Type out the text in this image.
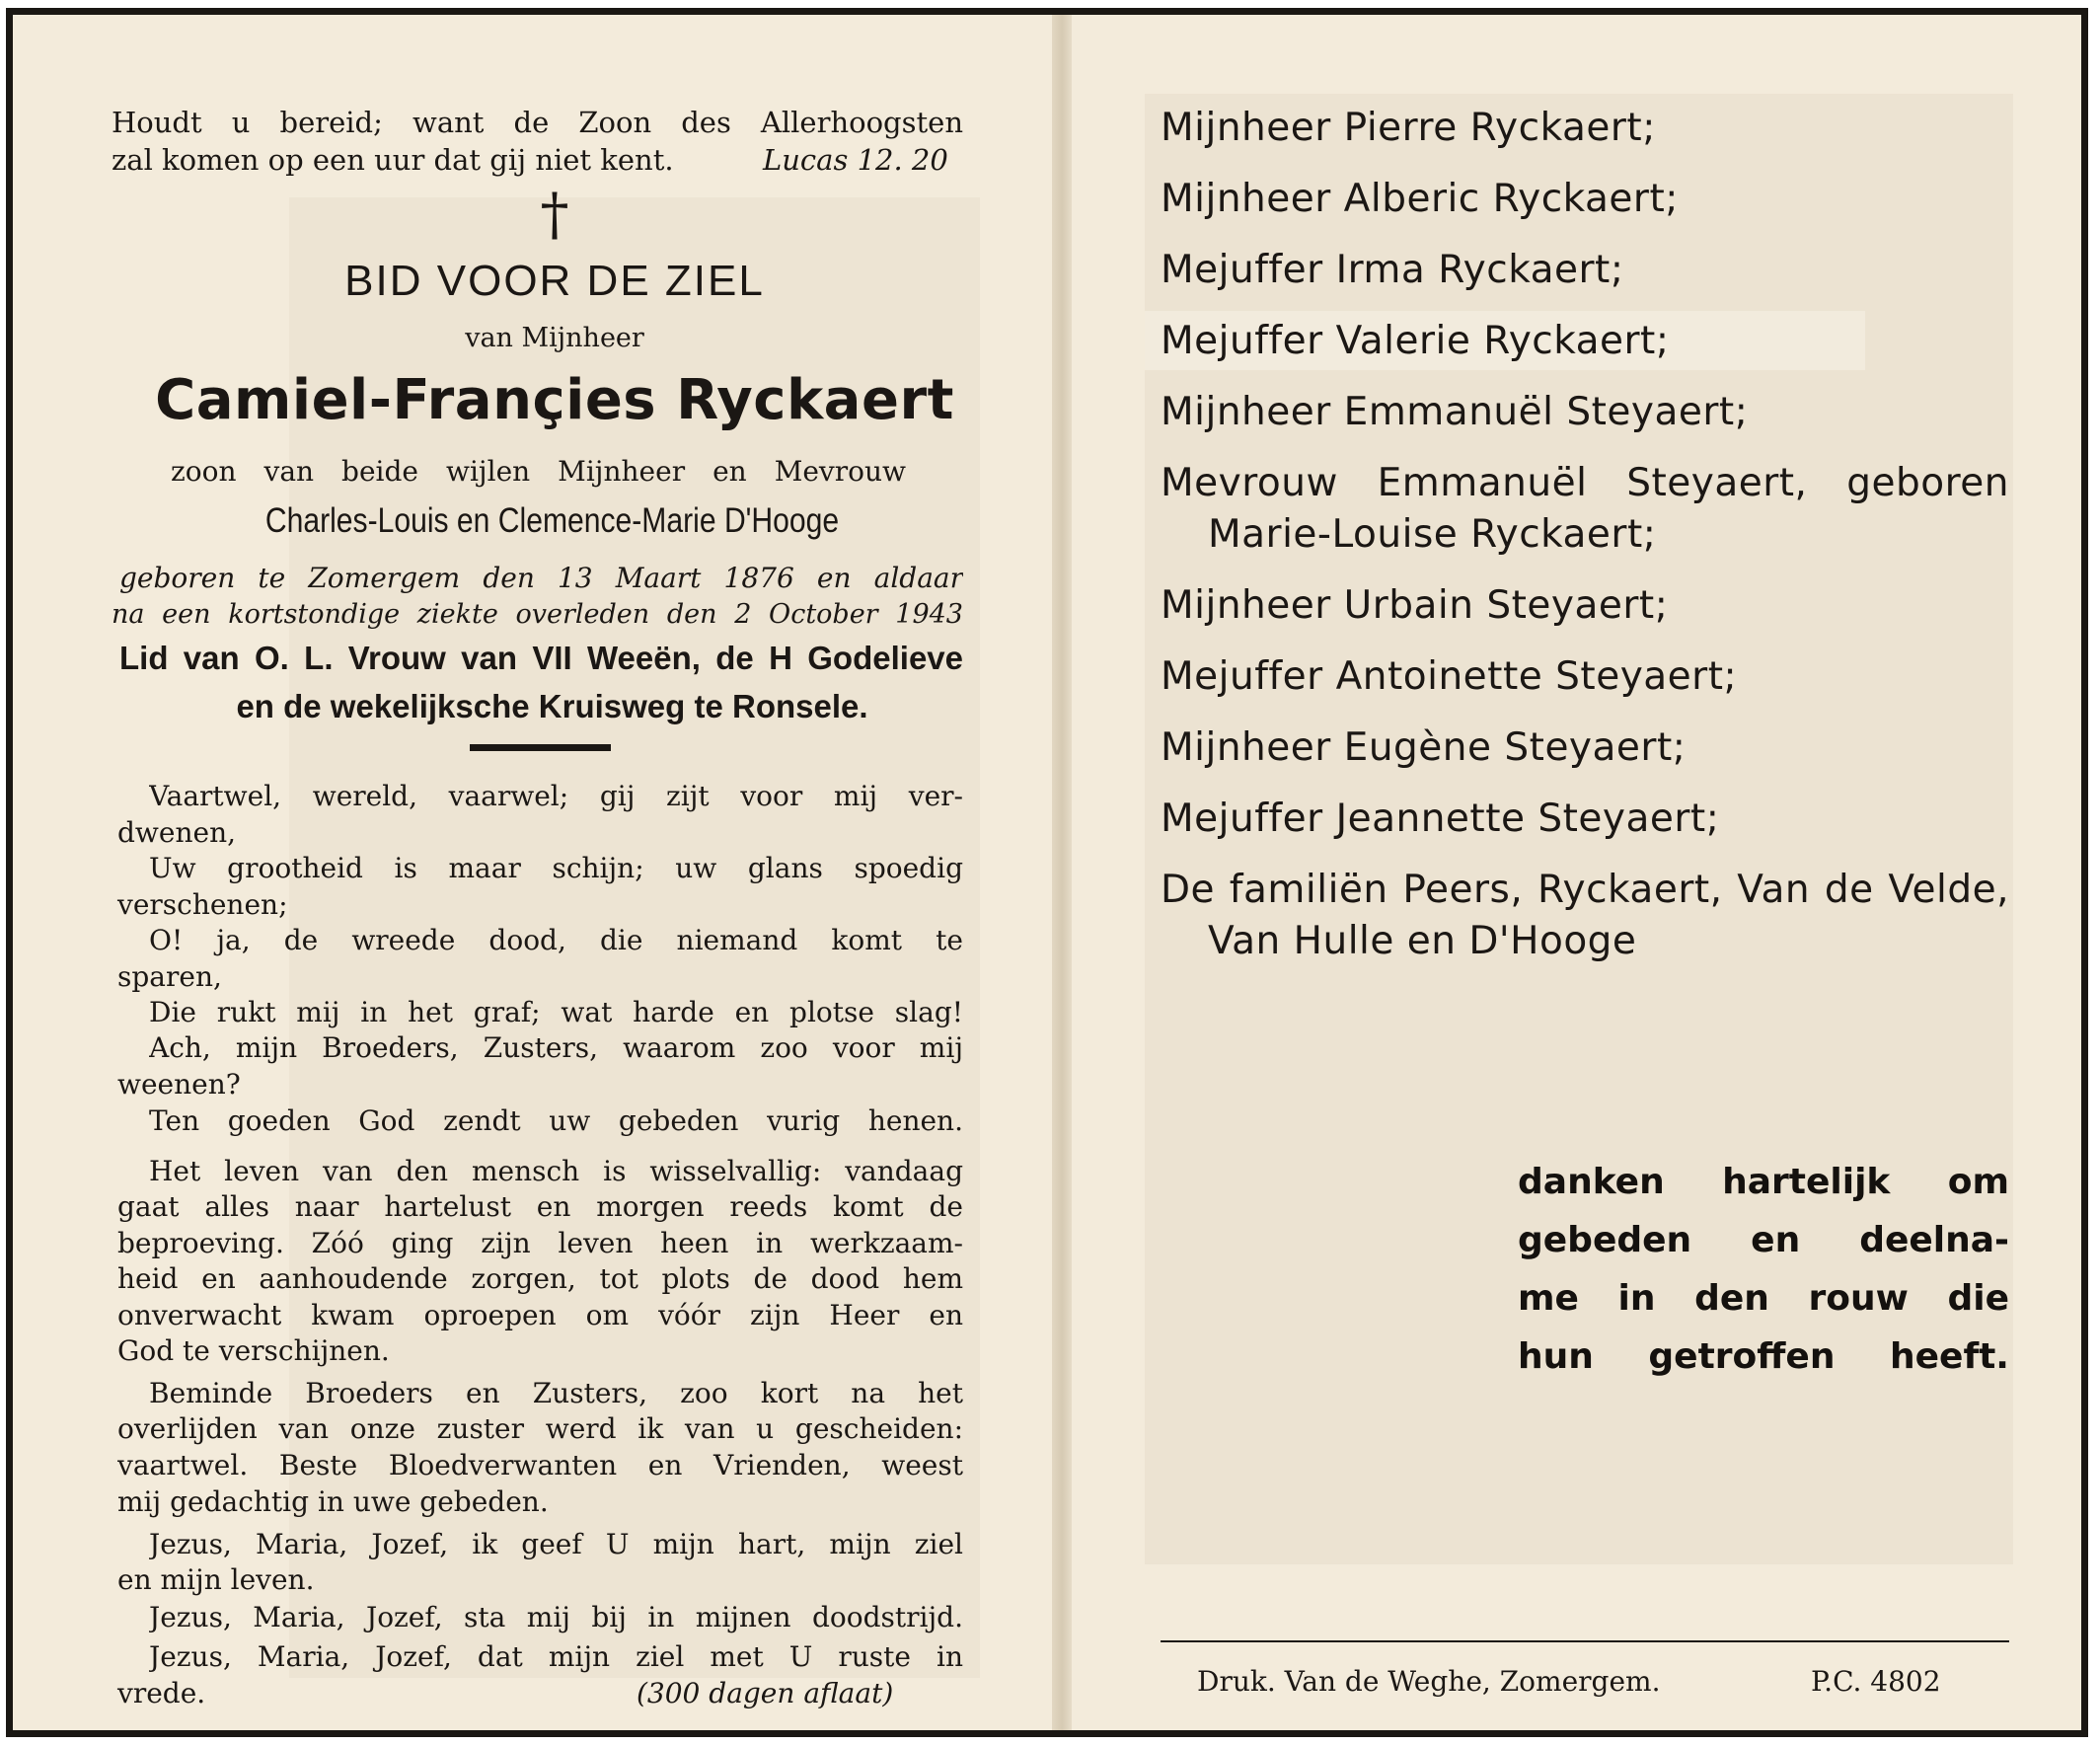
Houdt u bereid; want de Zoon des Allerhoogsten
zal komen op een uur dat gij niet kent.	Lucas 12. 20
†
BID VOOR DE ZIEL
van Mijnheer
Camiel-Françies Ryckaert
zoon van beide wijlen Mijnheer en Mevrouw
Charles-Louis en Clemence-Marie D'Hooge
geboren te Zomergem den 13 Maart 1876 en aldaar
na een kortstondige ziekte overleden den 2 October 1943
Lid van O. L. Vrouw van VII Weeën, de H Godelieve
en de wekelijksche Kruisweg te Ronsele.
Vaartwel, wereld, vaarwel; gij zijt voor mij ver-
dwenen,
Uw grootheid is maar schijn; uw glans spoedig
verschenen;
O! ja, de wreede dood, die niemand komt te
sparen,
Die rukt mij in het graf; wat harde en plotse slag!
Ach, mijn Broeders, Zusters, waarom zoo voor mij
weenen?
Ten goeden God zendt uw gebeden vurig henen.
Het leven van den mensch is wisselvallig: vandaag
gaat alles naar hartelust en morgen reeds komt de
beproeving. Zóó ging zijn leven heen in werkzaam-
heid en aanhoudende zorgen, tot plots de dood hem
onverwacht kwam oproepen om vóór zijn Heer en
God te verschijnen.
Beminde Broeders en Zusters, zoo kort na het
overlijden van onze zuster werd ik van u gescheiden:
vaartwel. Beste Bloedverwanten en Vrienden, weest
mij gedachtig in uwe gebeden.
Jezus, Maria, Jozef, ik geef U mijn hart, mijn ziel
en mijn leven.
Jezus, Maria, Jozef, sta mij bij in mijnen doodstrijd.
Jezus, Maria, Jozef, dat mijn ziel met U ruste in
vrede.	(300 dagen aflaat)
Mijnheer Pierre Ryckaert;
Mijnheer Alberic Ryckaert;
Mejuffer Irma Ryckaert;
Mejuffer Valerie Ryckaert;
Mijnheer Emmanuël Steyaert;
Mevrouw Emmanuël Steyaert, geboren
Marie-Louise Ryckaert;
Mijnheer Urbain Steyaert;
Mejuffer Antoinette Steyaert;
Mijnheer Eugène Steyaert;
Mejuffer Jeannette Steyaert;
De familiën Peers, Ryckaert, Van de Velde,
Van Hulle en D'Hooge
danken hartelijk om
gebeden en deelna-
me in den rouw die
hun getroffen heeft.
Druk. Van de Weghe, Zomergem.	P.C. 4802
